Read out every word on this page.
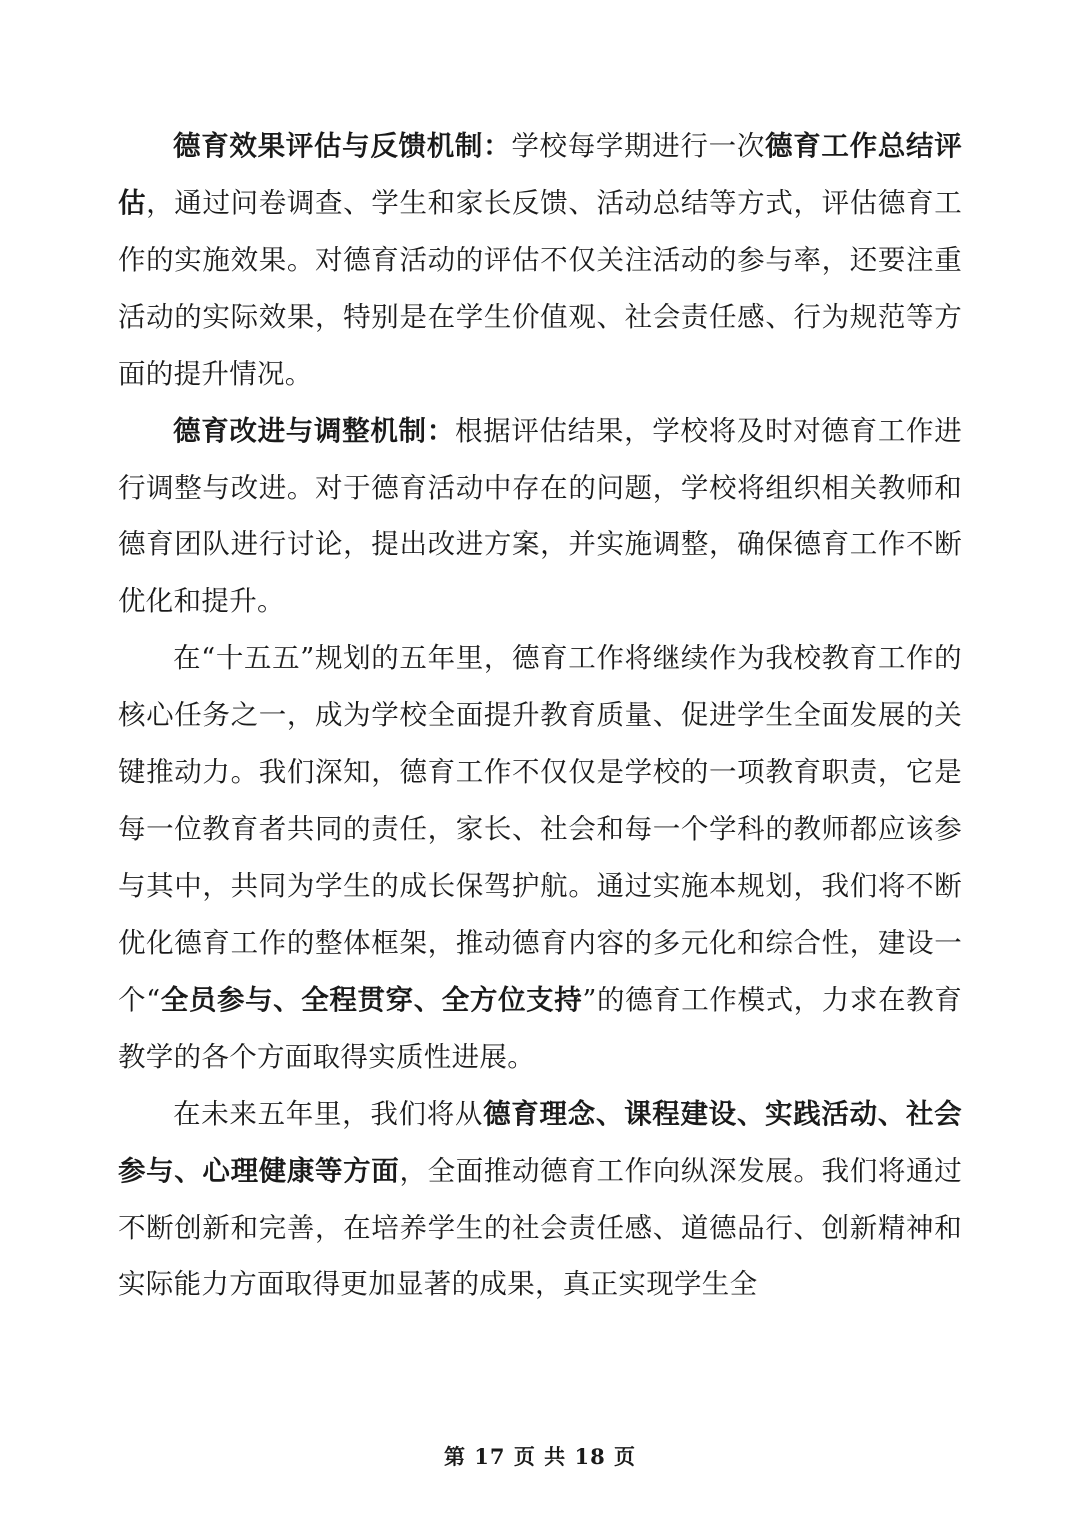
德育效果评估与反馈机制：学校每学期进行一次德育工作总结评估，通过问卷调查、学生和家长反馈、活动总结等方式，评估德育工作的实施效果。对德育活动的评估不仅关注活动的参与率，还要注重活动的实际效果，特别是在学生价值观、社会责任感、行为规范等方面的提升情况。

德育改进与调整机制：根据评估结果，学校将及时对德育工作进行调整与改进。对于德育活动中存在的问题，学校将组织相关教师和德育团队进行讨论，提出改进方案，并实施调整，确保德育工作不断优化和提升。

在“十五五”规划的五年里，德育工作将继续作为我校教育工作的核心任务之一，成为学校全面提升教育质量、促进学生全面发展的关键推动力。我们深知，德育工作不仅仅是学校的一项教育职责，它是每一位教育者共同的责任，家长、社会和每一个学科的教师都应该参与其中，共同为学生的成长保驾护航。通过实施本规划，我们将不断优化德育工作的整体框架，推动德育内容的多元化和综合性，建设一个“全员参与、全程贯穿、全方位支持”的德育工作模式，力求在教育教学的各个方面取得实质性进展。

在未来五年里，我们将从德育理念、课程建设、实践活动、社会参与、心理健康等方面，全面推动德育工作向纵深发展。我们将通过不断创新和完善，在培养学生的社会责任感、道德品行、创新精神和实际能力方面取得更加显著的成果，真正实现学生全

第 17 页 共 18 页
